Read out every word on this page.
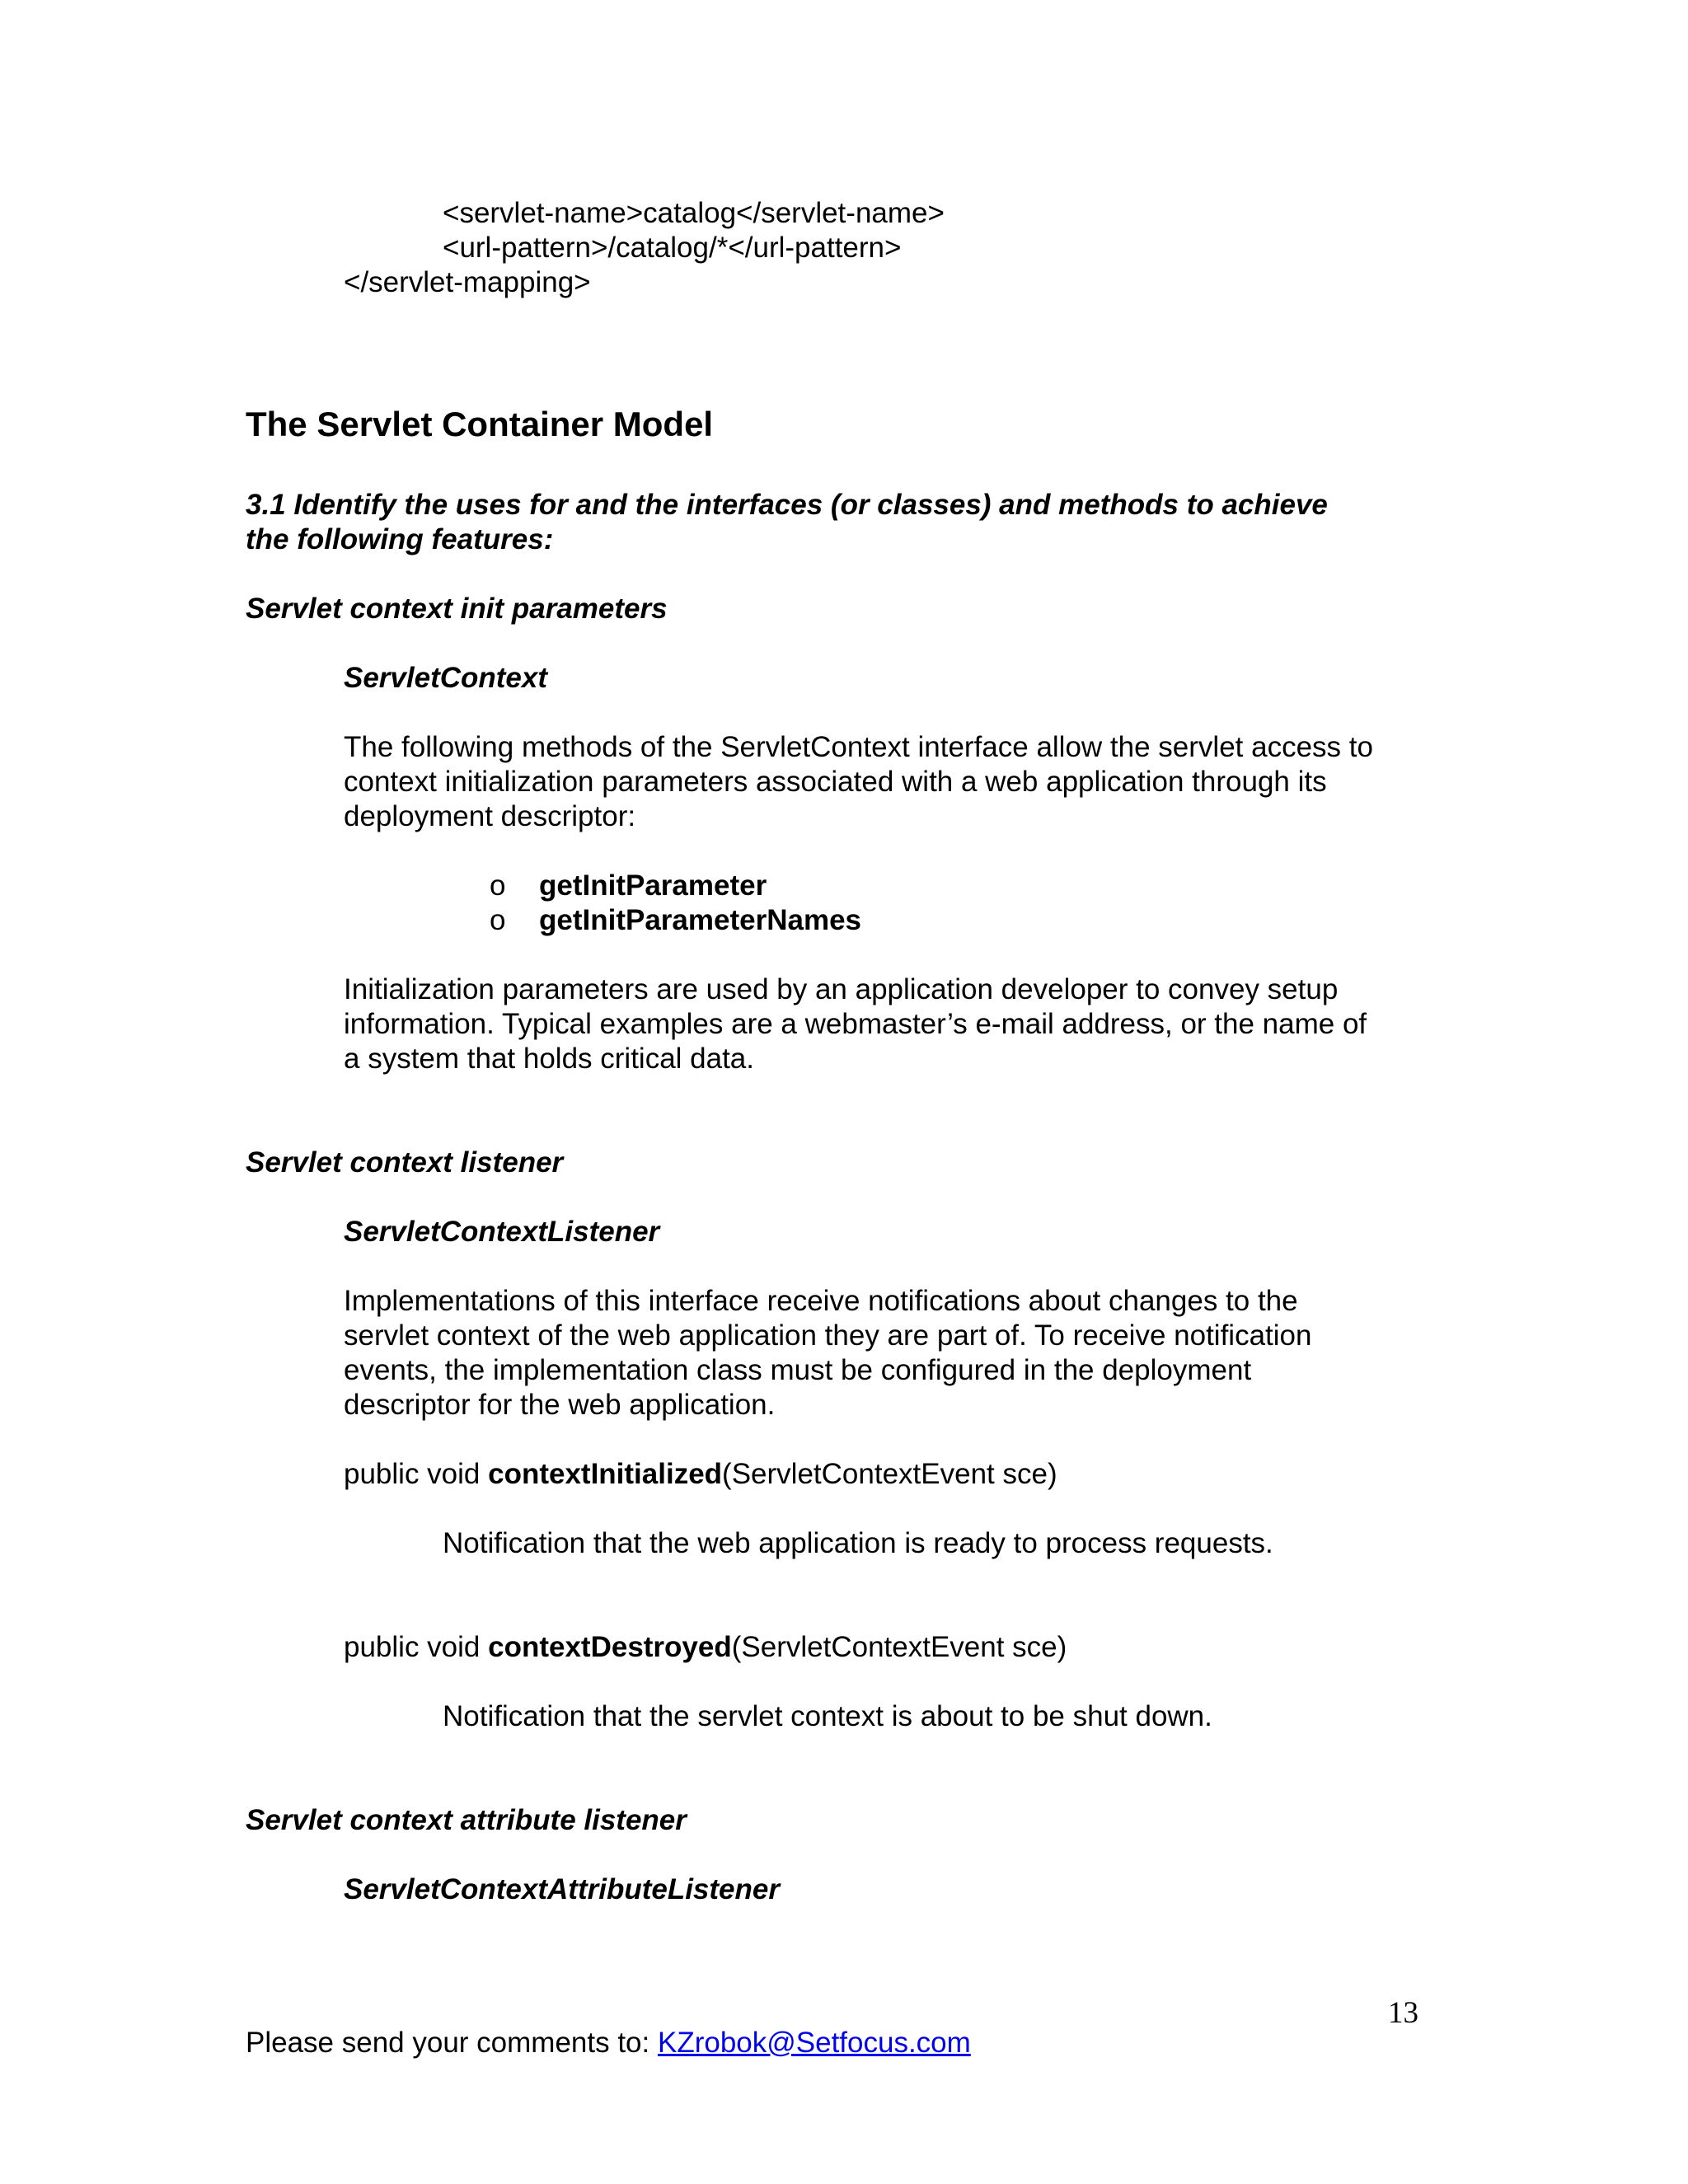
<servlet-name>catalog</servlet-name>
<url-pattern>/catalog/*</url-pattern>
</servlet-mapping>
The Servlet Container Model
3.1 Identify the uses for and the interfaces (or classes) and methods to achieve
the following features:
Servlet context init parameters
ServletContext
The following methods of the ServletContext interface allow the servlet access to
context initialization parameters associated with a web application through its
deployment descriptor:
o getInitParameter
o getInitParameterNames
Initialization parameters are used by an application developer to convey setup
information. Typical examples are a webmaster’s e-mail address, or the name of
a system that holds critical data.
Servlet context listener
ServletContextListener
Implementations of this interface receive notifications about changes to the
servlet context of the web application they are part of. To receive notification
events, the implementation class must be configured in the deployment
descriptor for the web application.
public void contextInitialized(ServletContextEvent sce)
Notification that the web application is ready to process requests.
public void contextDestroyed(ServletContextEvent sce)
Notification that the servlet context is about to be shut down.
Servlet context attribute listener
ServletContextAttributeListener
13
Please send your comments to: KZrobok@Setfocus.com
